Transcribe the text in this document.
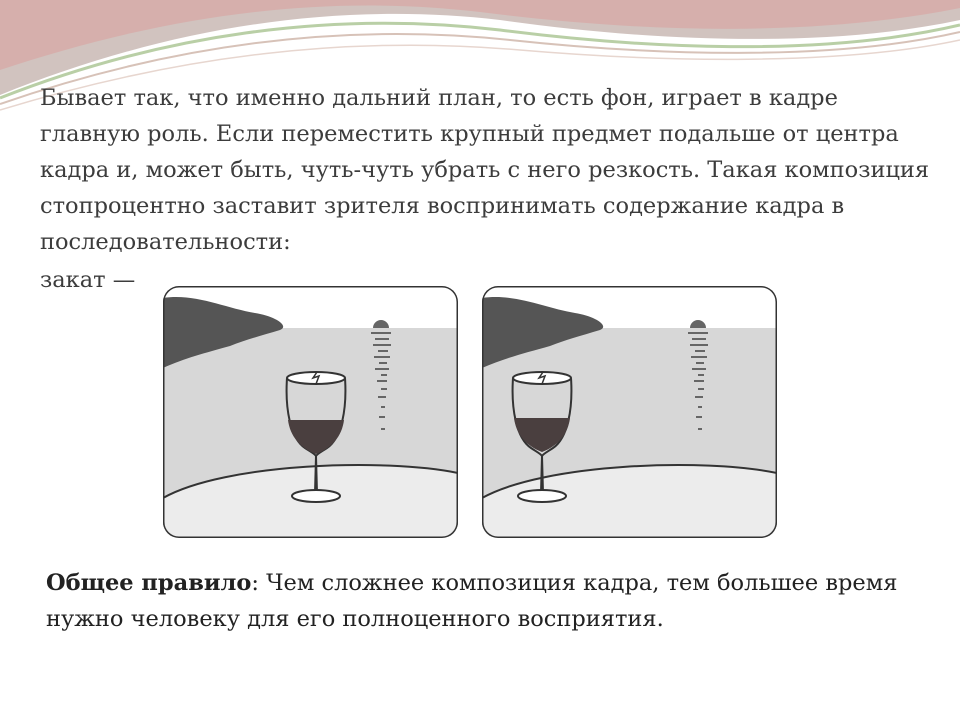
Бывает так, что именно дальний план, то есть фон, играет в кадре главную роль. Если переместить крупный предмет подальше от центра кадра и, может быть, чуть-чуть убрать с него резкость. Такая композиция стопроцентно заставит зрителя воспринимать содержание кадра в последовательности:

закат —

Общее правило: Чем сложнее композиция кадра, тем большее время нужно человеку для его полноценного восприятия.
